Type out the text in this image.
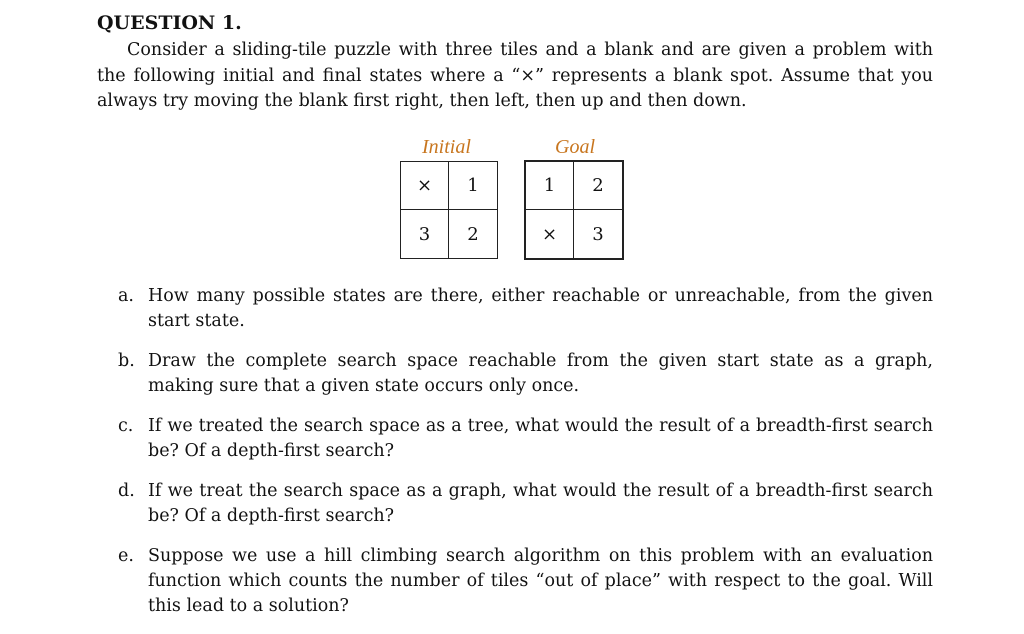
QUESTION 1.
Consider a sliding-tile puzzle with three tiles and a blank and are given a problem with the following initial and final states where a “×” represents a blank spot. Assume that you always try moving the blank first right, then left, then up and then down.
Initial
×	1
3	2
Goal
1	2
×	3
a. How many possible states are there, either reachable or unreachable, from the given start state.
b. Draw the complete search space reachable from the given start state as a graph, making sure that a given state occurs only once.
c. If we treated the search space as a tree, what would the result of a breadth-first search be? Of a depth-first search?
d. If we treat the search space as a graph, what would the result of a breadth-first search be? Of a depth-first search?
e. Suppose we use a hill climbing search algorithm on this problem with an evaluation function which counts the number of tiles “out of place” with respect to the goal. Will this lead to a solution?
